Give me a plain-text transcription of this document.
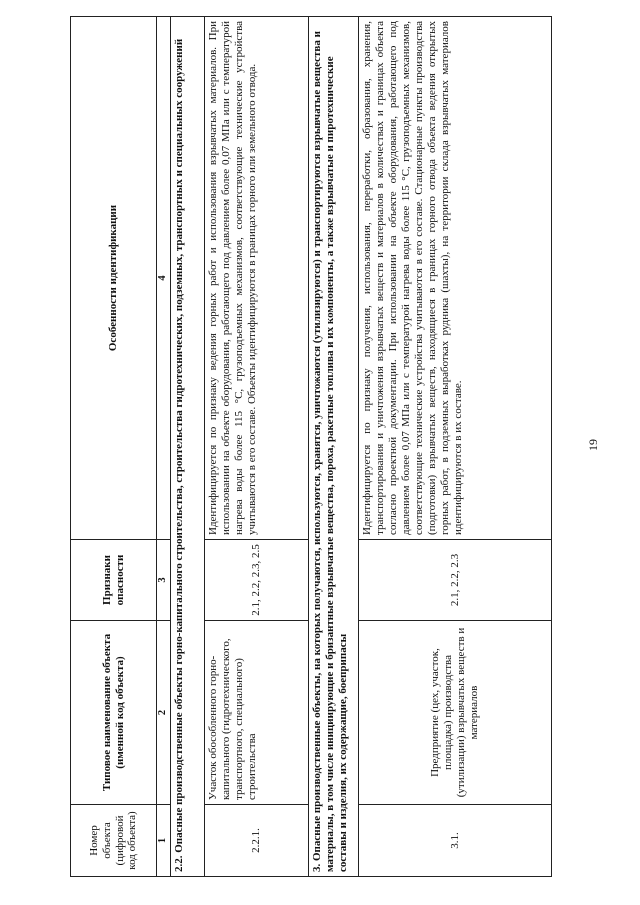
19
Номер объекта (цифровой код объекта)	Типовое наименование объекта (именной код объекта)	Признаки опасности	Особенности идентификации
1	2	3	4
2.2. Опасные производственные объекты горно-капитального строительства, строительства гидротехнических, подземных, транспортных и специальных сооружений			
2.2.1.	Участок обособленного горно-капитального (гидротехнического, транспортного, специального) строительства	2.1, 2.2, 2.3, 2.5	Идентифицируется по признаку ведения горных работ и использования взрывчатых материалов. При использовании на объекте оборудования, работающего под давлением более 0,07 МПа или с температурой нагрева воды более 115 °С, грузоподъемных механизмов, соответствующие технические устройства учитываются в его составе. Объекты идентифицируются в границах горного или земельного отвода.
3. Опасные производственные объекты, на которых получаются, используются, хранятся, уничтожаются (утилизируются) и транспортируются взрывчатые вещества и материалы, в том числе инициирующие и бризантные взрывчатые вещества, пороха, ракетные топлива и их компоненты, а также взрывчатые и пиротехнические составы и изделия, их содержащие, боеприпасы			
3.1.	Предприятие (цех, участок, площадка) производства (утилизации) взрывчатых веществ и материалов	2.1, 2.2, 2.3	Идентифицируется по признаку получения, использования, переработки, образования, хранения, транспортирования и уничтожения взрывчатых веществ и материалов в количествах и границах объекта согласно проектной документации. При использовании на объекте оборудования, работающего под давлением более 0,07 МПа или с температурой нагрева воды более 115 °С, грузоподъемных механизмов, соответствующие технические устройства учитываются в его составе. Стационарные пункты производства (подготовки) взрывчатых веществ, находящиеся в границах горного отвода объекта ведения открытых горных работ, в подземных выработках рудника (шахты), на территории склада взрывчатых материалов идентифицируются в их составе.
